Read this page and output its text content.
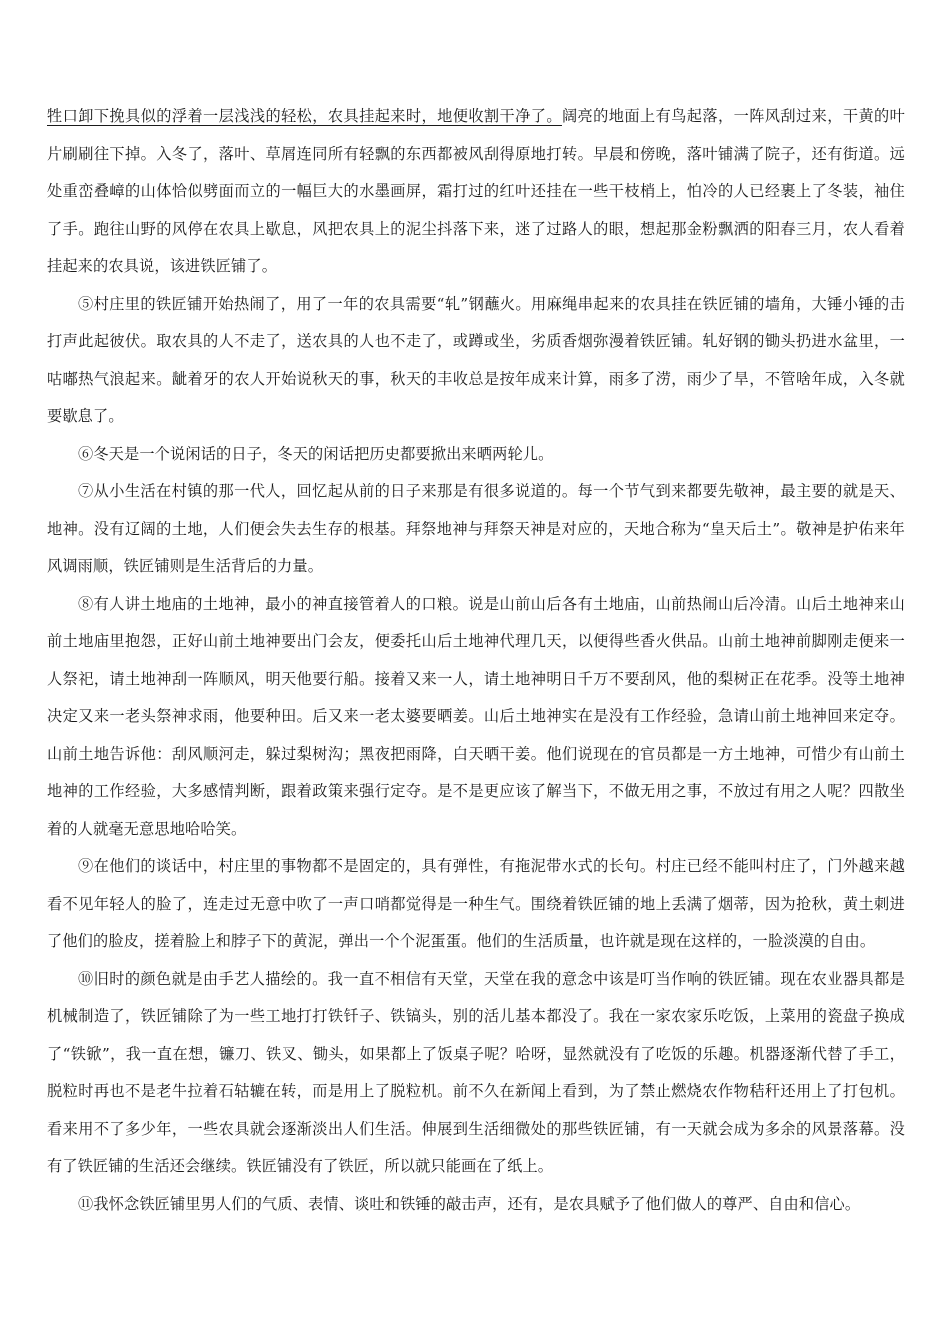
牲口卸下挽具似的浮着一层浅浅的轻松，农具挂起来时，地便收割干净了。阔亮的地面上有鸟起落，一阵风刮过来，干黄的叶片刷刷往下掉。入冬了，落叶、草屑连同所有轻飘的东西都被风刮得原地打转。早晨和傍晚，落叶铺满了院子，还有街道。远处重峦叠嶂的山体恰似劈面而立的一幅巨大的水墨画屏，霜打过的红叶还挂在一些干枝梢上，怕冷的人已经裹上了冬装，袖住了手。跑往山野的风停在农具上歇息，风把农具上的泥尘抖落下来，迷了过路人的眼，想起那金粉飘洒的阳春三月，农人看着挂起来的农具说，该进铁匠铺了。

⑤村庄里的铁匠铺开始热闹了，用了一年的农具需要“轧”钢蘸火。用麻绳串起来的农具挂在铁匠铺的墙角，大锤小锤的击打声此起彼伏。取农具的人不走了，送农具的人也不走了，或蹲或坐，劣质香烟弥漫着铁匠铺。轧好钢的锄头扔进水盆里，一咕嘟热气浪起来。龇着牙的农人开始说秋天的事，秋天的丰收总是按年成来计算，雨多了涝，雨少了旱，不管啥年成，入冬就要歇息了。

⑥冬天是一个说闲话的日子，冬天的闲话把历史都要掀出来晒两轮儿。

⑦从小生活在村镇的那一代人，回忆起从前的日子来那是有很多说道的。每一个节气到来都要先敬神，最主要的就是天、地神。没有辽阔的土地，人们便会失去生存的根基。拜祭地神与拜祭天神是对应的，天地合称为“皇天后土”。敬神是护佑来年风调雨顺，铁匠铺则是生活背后的力量。

⑧有人讲土地庙的土地神，最小的神直接管着人的口粮。说是山前山后各有土地庙，山前热闹山后冷清。山后土地神来山前土地庙里抱怨，正好山前土地神要出门会友，便委托山后土地神代理几天，以便得些香火供品。山前土地神前脚刚走便来一人祭祀，请土地神刮一阵顺风，明天他要行船。接着又来一人，请土地神明日千万不要刮风，他的梨树正在花季。没等土地神决定又来一老头祭神求雨，他要种田。后又来一老太婆要晒姜。山后土地神实在是没有工作经验，急请山前土地神回来定夺。山前土地告诉他：刮风顺河走，躲过梨树沟；黑夜把雨降，白天晒干姜。他们说现在的官员都是一方土地神，可惜少有山前土地神的工作经验，大多感情判断，跟着政策来强行定夺。是不是更应该了解当下，不做无用之事，不放过有用之人呢？四散坐着的人就毫无意思地哈哈笑。

⑨在他们的谈话中，村庄里的事物都不是固定的，具有弹性，有拖泥带水式的长句。村庄已经不能叫村庄了，门外越来越看不见年轻人的脸了，连走过无意中吹了一声口哨都觉得是一种生气。围绕着铁匠铺的地上丢满了烟蒂，因为抢秋，黄土刺进了他们的脸皮，搓着脸上和脖子下的黄泥，弹出一个个泥蛋蛋。他们的生活质量，也许就是现在这样的，一脸淡漠的自由。

⑩旧时的颜色就是由手艺人描绘的。我一直不相信有天堂，天堂在我的意念中该是叮当作响的铁匠铺。现在农业器具都是机械制造了，铁匠铺除了为一些工地打打铁钎子、铁镐头，别的活儿基本都没了。我在一家农家乐吃饭，上菜用的瓷盘子换成了“铁锨”，我一直在想，镰刀、铁叉、锄头，如果都上了饭桌子呢？哈呀，显然就没有了吃饭的乐趣。机器逐渐代替了手工，脱粒时再也不是老牛拉着石轱辘在转，而是用上了脱粒机。前不久在新闻上看到，为了禁止燃烧农作物秸秆还用上了打包机。看来用不了多少年，一些农具就会逐渐淡出人们生活。伸展到生活细微处的那些铁匠铺，有一天就会成为多余的风景落幕。没有了铁匠铺的生活还会继续。铁匠铺没有了铁匠，所以就只能画在了纸上。

⑪我怀念铁匠铺里男人们的气质、表情、谈吐和铁锤的敲击声，还有，是农具赋予了他们做人的尊严、自由和信心。
